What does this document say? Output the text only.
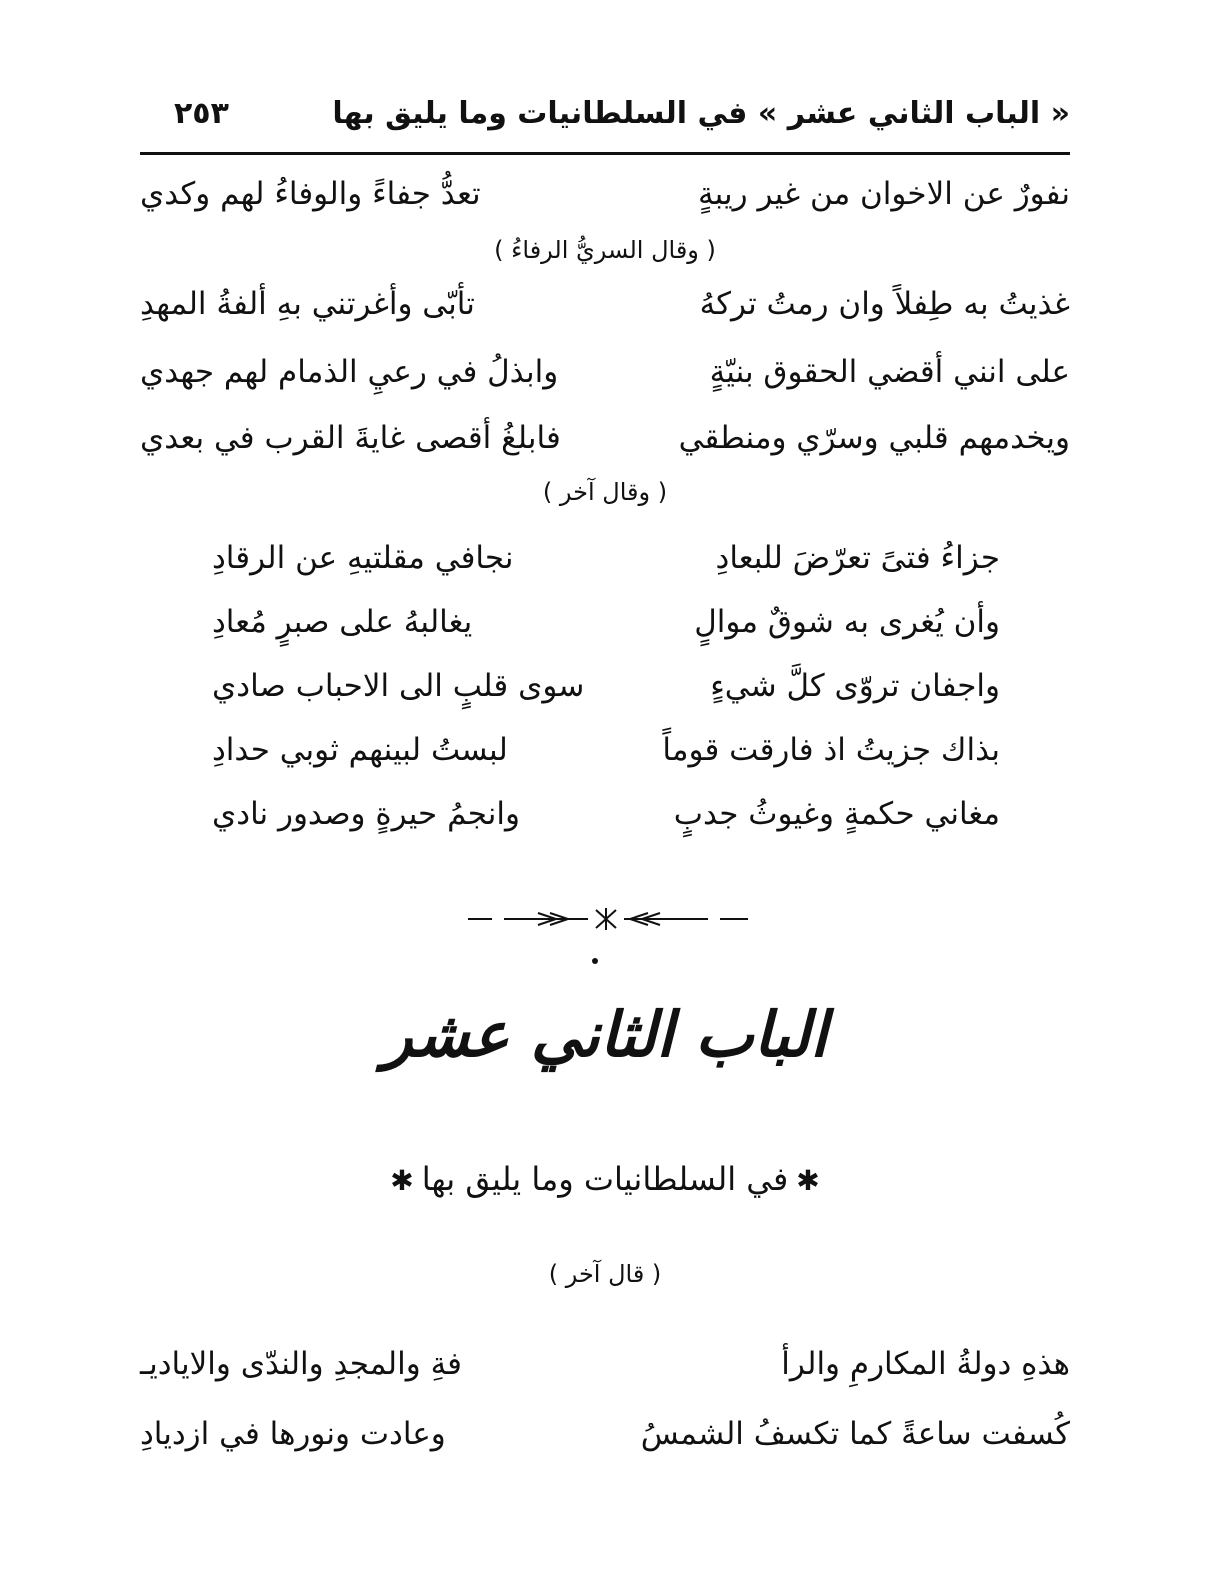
« الباب الثاني عشر » في السلطانيات وما يليق بها
٢٥٣
نفورٌ عن الاخوان من غير ريبةٍ
تعدُّ جفاءً والوفاءُ لهم وكدي
( وقال السريُّ الرفاءُ )
غذيتُ به طِفلاً وان رمتُ تركهُ
تأبّى وأغرتني بهِ ألفةُ المهدِ
على انني أقضي الحقوق بنيّةٍ
وابذلُ في رعيِ الذمام لهم جهدي
ويخدمهم قلبي وسرّي ومنطقي
فابلغُ أقصى غايةَ القرب في بعدي
( وقال آخر )
جزاءُ فتىً تعرّضَ للبعادِ
نجافي مقلتيهِ عن الرقادِ
وأن يُغرى به شوقٌ موالٍ
يغالبهُ على صبرٍ مُعادِ
واجفان تروّى كلَّ شيءٍ
سوى قلبٍ الى الاحباب صادي
بذاك جزيتُ اذ فارقت قوماً
لبستُ لبينهم ثوبي حدادِ
مغاني حكمةٍ وغيوثُ جدبٍ
وانجمُ حيرةٍ وصدور نادي
الباب الثاني عشر
✱في السلطانيات وما يليق بها✱
( قال آخر )
هذهِ دولةُ المكارمِ والرأ
فةِ والمجدِ والندّى والاياديـ
كُسفت ساعةً كما تكسفُ الشمسُ
وعادت ونورها في ازديادِ
